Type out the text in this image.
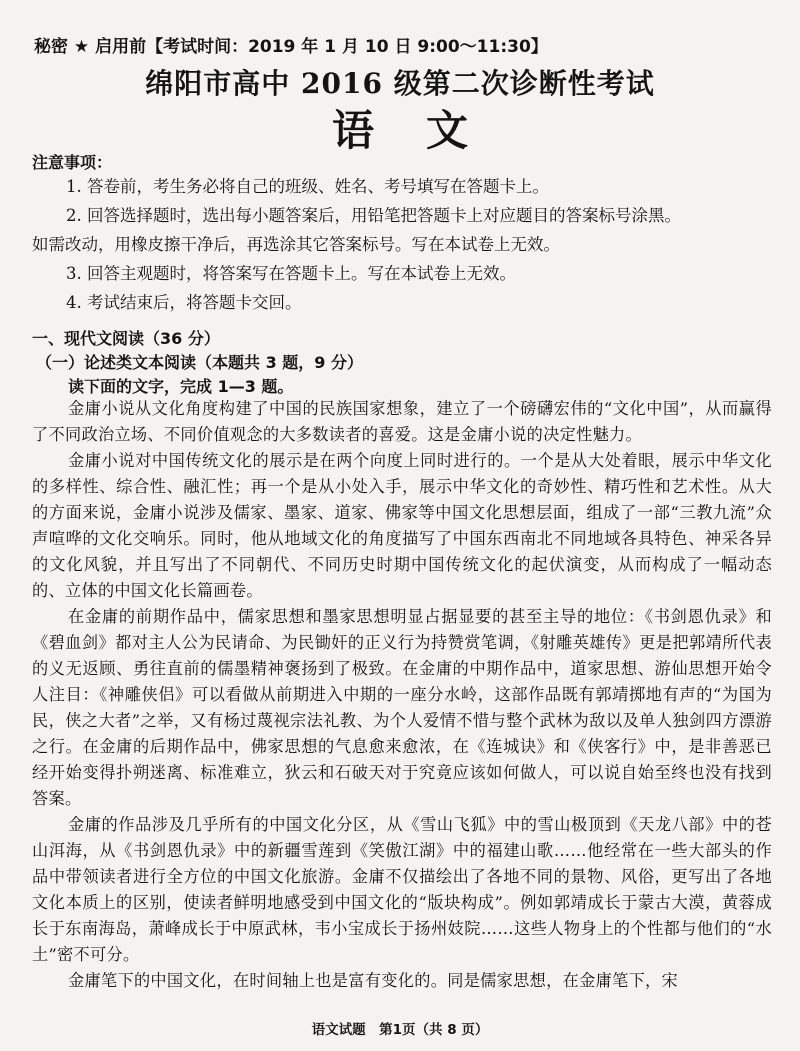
秘密 ★ 启用前【考试时间：2019 年 1 月 10 日 9:00～11:30】
绵阳市高中 2016 级第二次诊断性考试
语文
注意事项：
1. 答卷前，考生务必将自己的班级、姓名、考号填写在答题卡上。
2. 回答选择题时，选出每小题答案后，用铅笔把答题卡上对应题目的答案标号涂黑。
如需改动，用橡皮擦干净后，再选涂其它答案标号。写在本试卷上无效。
3. 回答主观题时，将答案写在答题卡上。写在本试卷上无效。
4. 考试结束后，将答题卡交回。
一、现代文阅读（36 分）
（一）论述类文本阅读（本题共 3 题，9 分）
读下面的文字，完成 1—3 题。

金庸小说从文化角度构建了中国的民族国家想象，建立了一个磅礴宏伟的“文化中国”，从而赢得了不同政治立场、不同价值观念的大多数读者的喜爱。这是金庸小说的决定性魅力。

金庸小说对中国传统文化的展示是在两个向度上同时进行的。一个是从大处着眼，展示中华文化的多样性、综合性、融汇性；再一个是从小处入手，展示中华文化的奇妙性、精巧性和艺术性。从大的方面来说，金庸小说涉及儒家、墨家、道家、佛家等中国文化思想层面，组成了一部“三教九流”众声喧哗的文化交响乐。同时，他从地域文化的角度描写了中国东西南北不同地域各具特色、神采各异的文化风貌，并且写出了不同朝代、不同历史时期中国传统文化的起伏演变，从而构成了一幅动态的、立体的中国文化长篇画卷。

在金庸的前期作品中，儒家思想和墨家思想明显占据显要的甚至主导的地位：《书剑恩仇录》和《碧血剑》都对主人公为民请命、为民锄奸的正义行为持赞赏笔调，《射雕英雄传》更是把郭靖所代表的义无返顾、勇往直前的儒墨精神褒扬到了极致。在金庸的中期作品中，道家思想、游仙思想开始令人注目：《神雕侠侣》可以看做从前期进入中期的一座分水岭，这部作品既有郭靖掷地有声的“为国为民，侠之大者”之举，又有杨过蔑视宗法礼教、为个人爱情不惜与整个武林为敌以及单人独剑四方漂游之行。在金庸的后期作品中，佛家思想的气息愈来愈浓，在《连城诀》和《侠客行》中，是非善恶已经开始变得扑朔迷离、标准难立，狄云和石破天对于究竟应该如何做人，可以说自始至终也没有找到答案。

金庸的作品涉及几乎所有的中国文化分区，从《雪山飞狐》中的雪山极顶到《天龙八部》中的苍山洱海，从《书剑恩仇录》中的新疆雪莲到《笑傲江湖》中的福建山歌……他经常在一些大部头的作品中带领读者进行全方位的中国文化旅游。金庸不仅描绘出了各地不同的景物、风俗，更写出了各地文化本质上的区别，使读者鲜明地感受到中国文化的“版块构成”。例如郭靖成长于蒙古大漠，黄蓉成长于东南海岛，萧峰成长于中原武林，韦小宝成长于扬州妓院……这些人物身上的个性都与他们的“水土”密不可分。

金庸笔下的中国文化，在时间轴上也是富有变化的。同是儒家思想，在金庸笔下，宋

语文试题　第1页（共 8 页）
